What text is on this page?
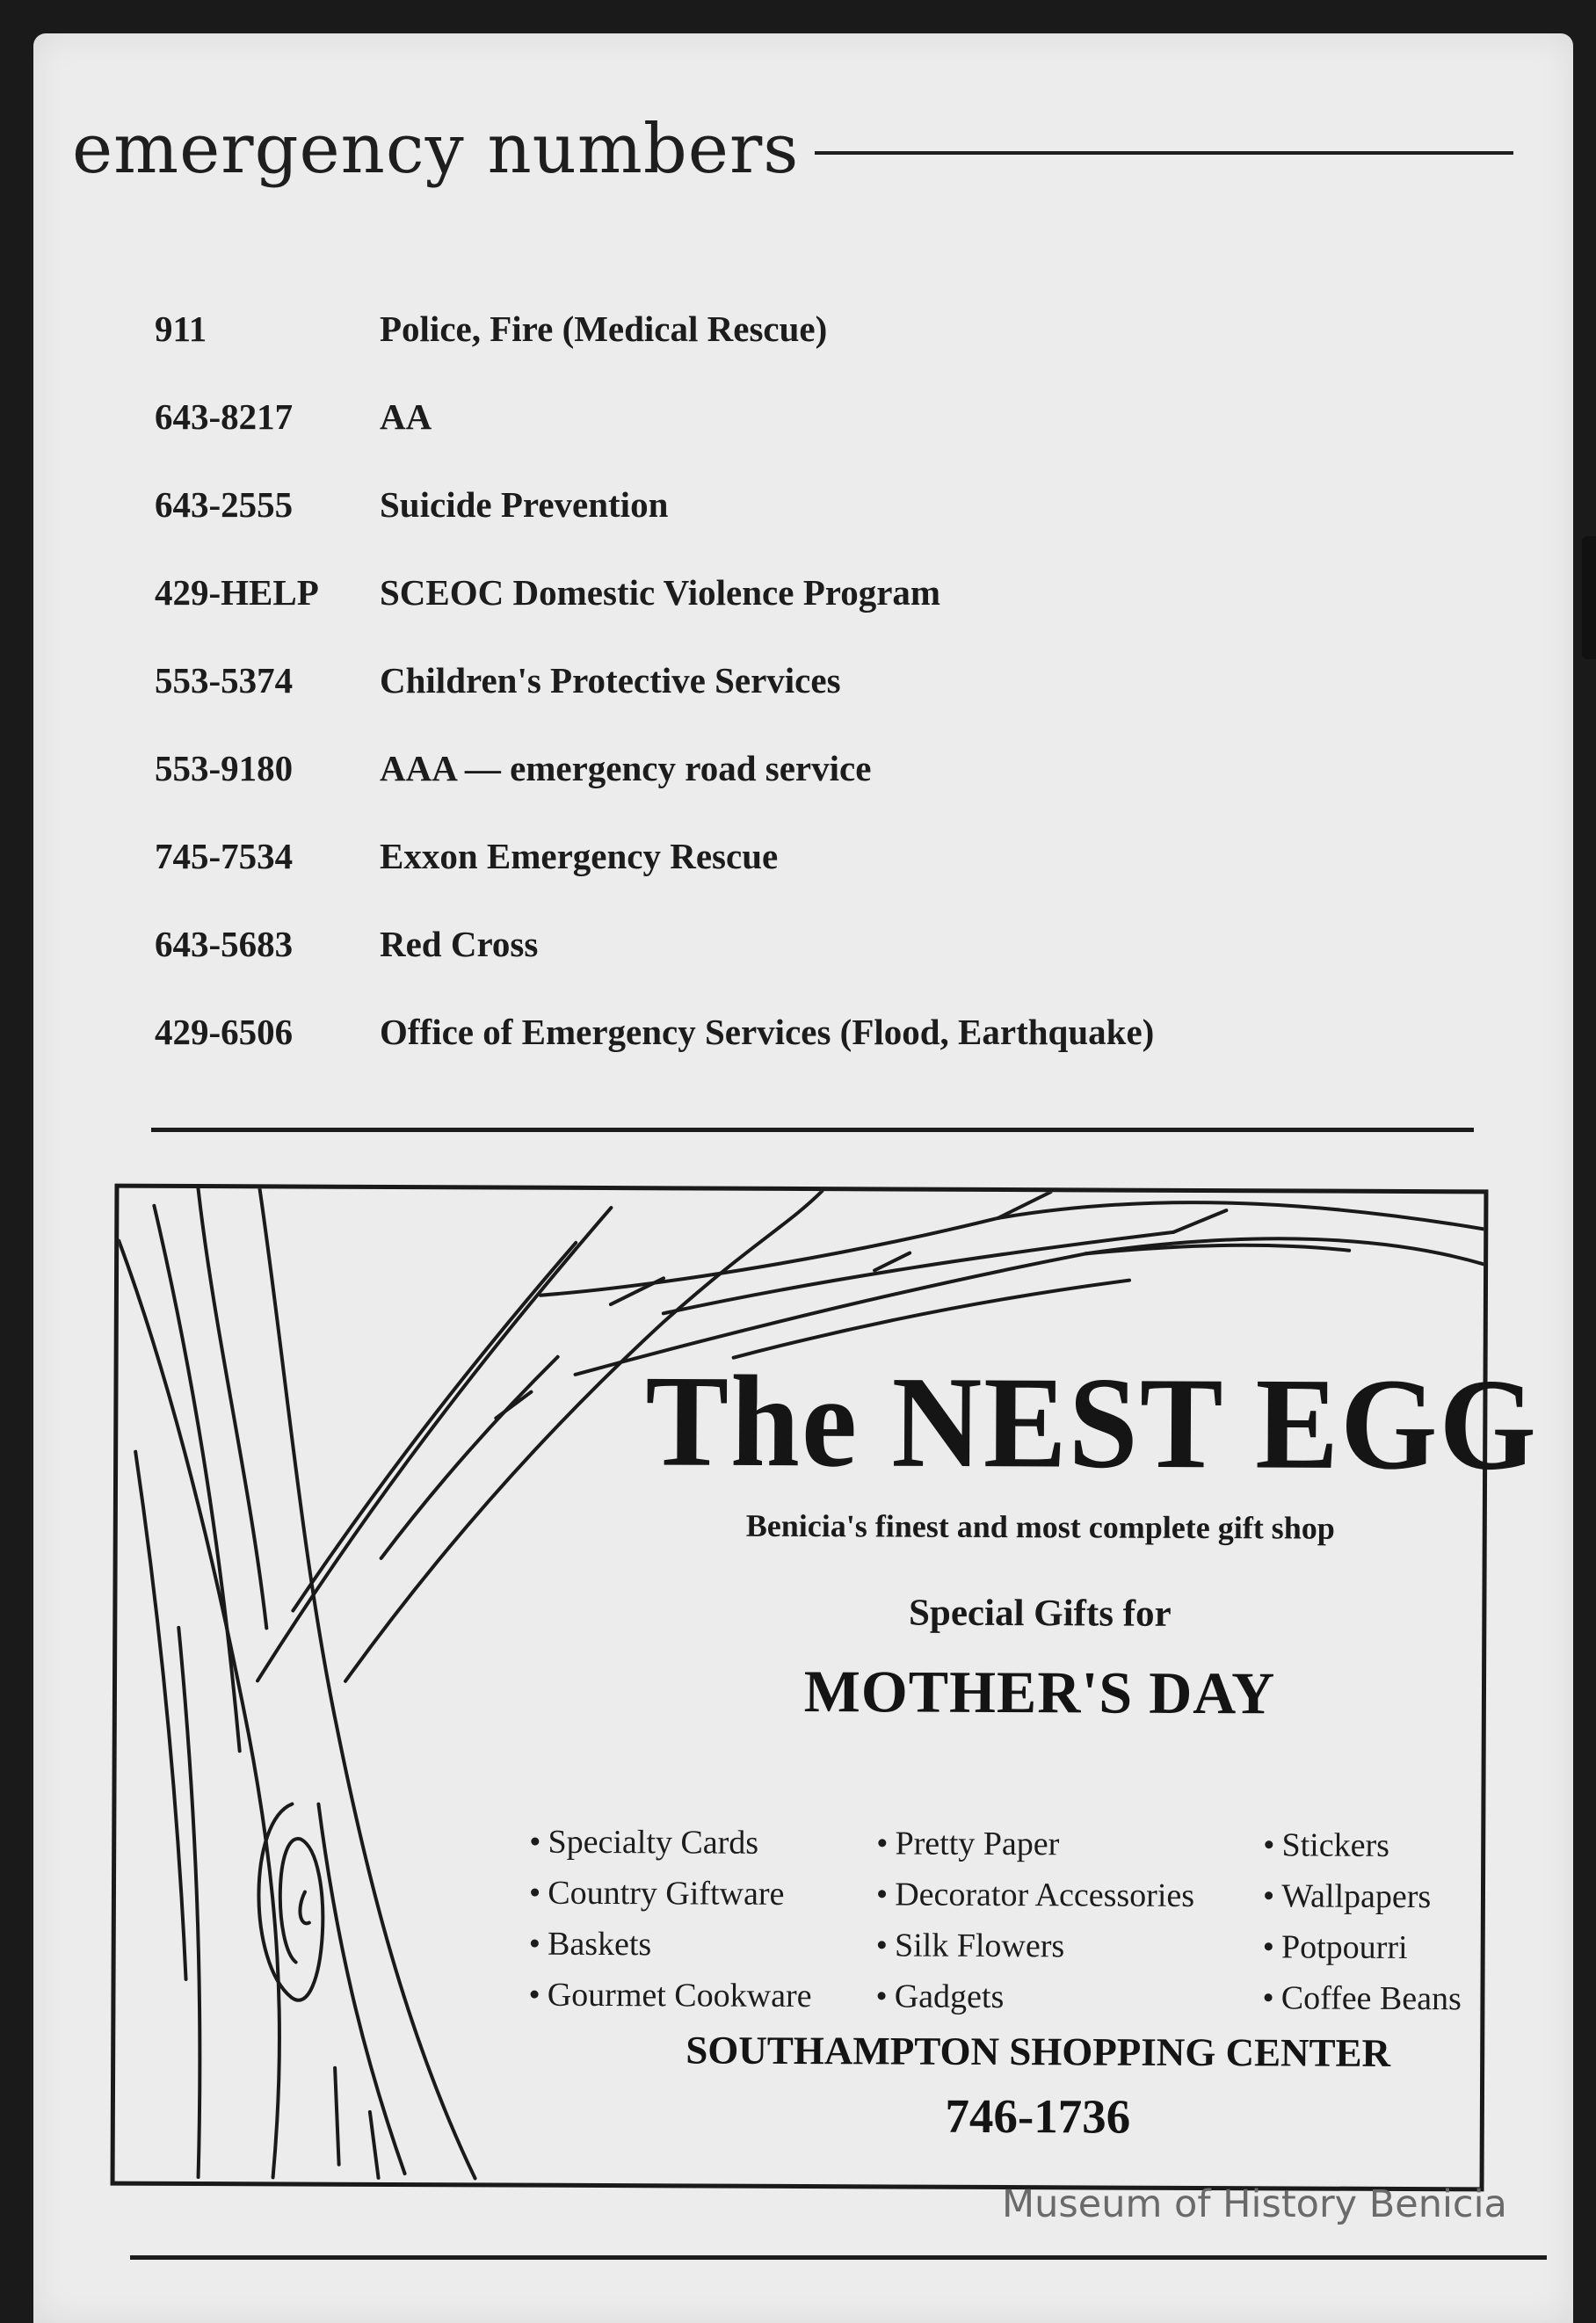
emergency numbers
911	Police, Fire (Medical Rescue)
643-8217	AA
643-2555	Suicide Prevention
429-HELP	SCEOC Domestic Violence Program
553-5374	Children's Protective Services
553-9180	AAA — emergency road service
745-7534	Exxon Emergency Rescue
643-5683	Red Cross
429-6506	Office of Emergency Services (Flood, Earthquake)
The NEST EGG
Benicia's finest and most complete gift shop
Special Gifts for
MOTHER'S DAY
• Specialty Cards
• Country Giftware
• Baskets
• Gourmet Cookware
• Pretty Paper
• Decorator Accessories
• Silk Flowers
• Gadgets
• Stickers
• Wallpapers
• Potpourri
• Coffee Beans
SOUTHAMPTON SHOPPING CENTER
746-1736
Museum of History Benicia
